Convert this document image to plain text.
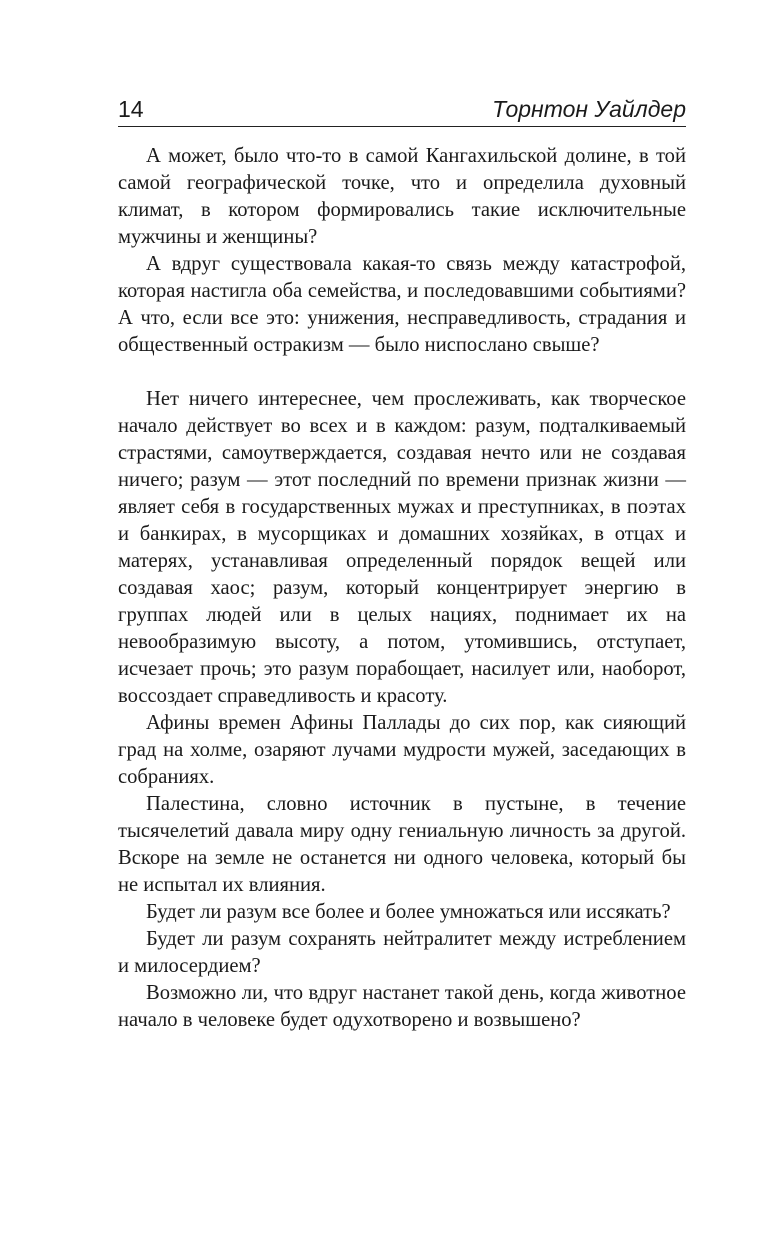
14	Торнтон Уайлдер

А может, было что-то в самой Кангахильской долине, в той самой географической точке, что и определила духовный климат, в котором формировались такие исключительные мужчины и женщины?

А вдруг существовала какая-то связь между катастрофой, которая настигла оба семейства, и последовавшими событиями? А что, если все это: унижения, несправедливость, страдания и общественный остракизм — было ниспослано свыше?

Нет ничего интереснее, чем прослеживать, как творческое начало действует во всех и в каждом: разум, подталкиваемый страстями, самоутверждается, создавая нечто или не создавая ничего; разум — этот последний по времени признак жизни — являет себя в государственных мужах и преступниках, в поэтах и банкирах, в мусорщиках и домашних хозяйках, в отцах и матерях, устанавливая определенный порядок вещей или создавая хаос; разум, который концентрирует энергию в группах людей или в целых нациях, поднимает их на невообразимую высоту, а потом, утомившись, отступает, исчезает прочь; это разум порабощает, насилует или, наоборот, воссоздает справедливость и красоту.

Афины времен Афины Паллады до сих пор, как сияющий град на холме, озаряют лучами мудрости мужей, заседающих в собраниях.

Палестина, словно источник в пустыне, в течение тысячелетий давала миру одну гениальную личность за другой. Вскоре на земле не останется ни одного человека, который бы не испытал их влияния.

Будет ли разум все более и более умножаться или иссякать?

Будет ли разум сохранять нейтралитет между истреблением и милосердием?

Возможно ли, что вдруг настанет такой день, когда животное начало в человеке будет одухотворено и возвышено?
